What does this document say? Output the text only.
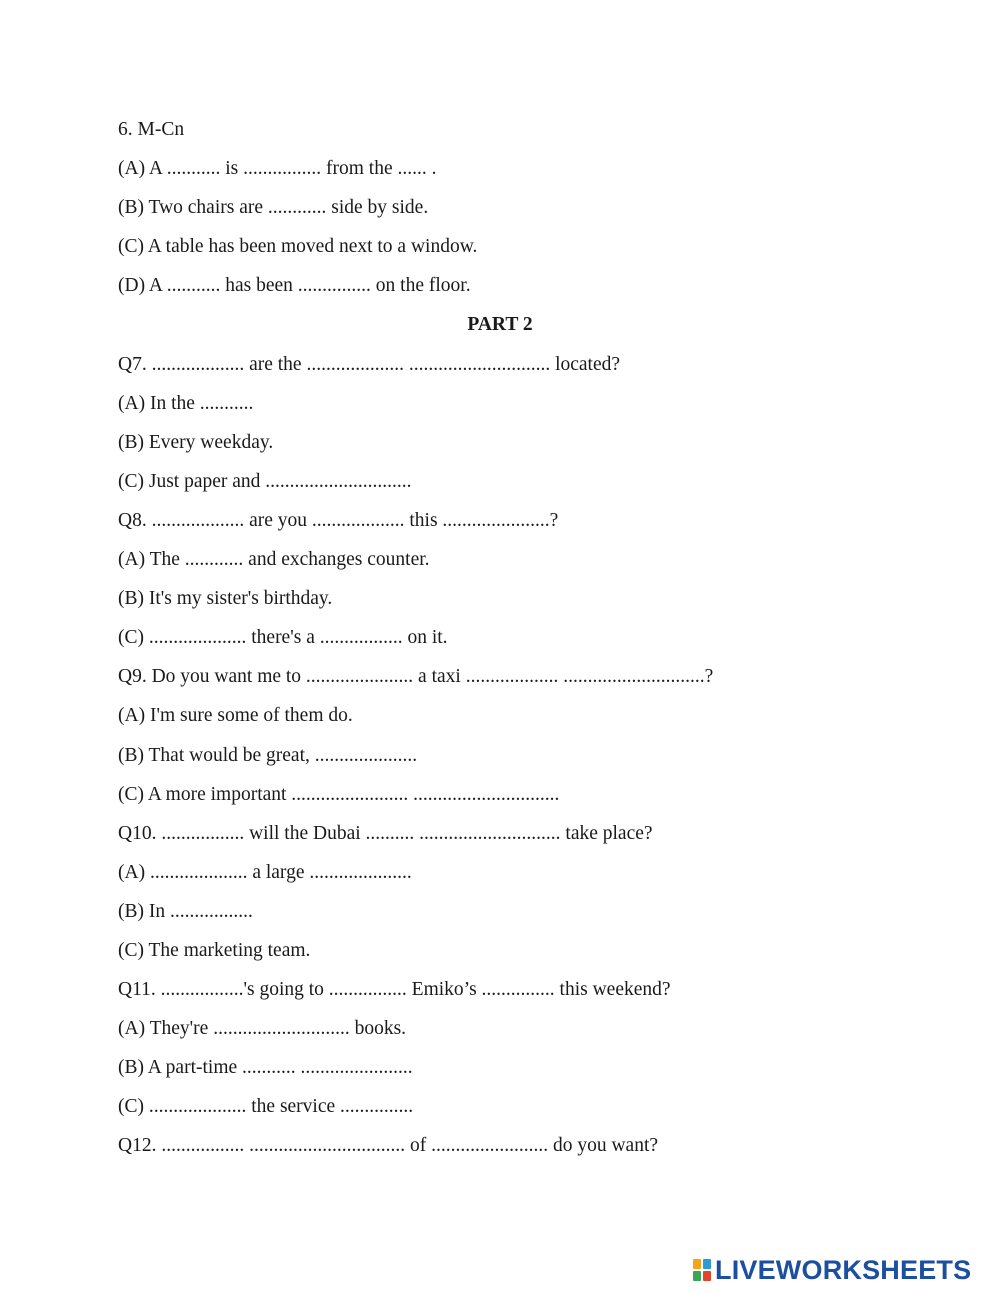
6. M-Cn
(A) A ........... is ................ from the ...... .
(B) Two chairs are ............ side by side.
(C) A table has been moved next to a window.
(D) A ........... has been ............... on the floor.
PART 2
Q7. ................... are the .................... ............................. located?
(A) In the ...........
(B) Every weekday.
(C) Just paper and ..............................
Q8. ................... are you ................... this ......................?
(A) The ............ and exchanges counter.
(B) It's my sister's birthday.
(C) .................... there's a ................. on it.
Q9. Do you want me to ...................... a taxi ................... .............................?
(A) I'm sure some of them do.
(B) That would be great, .....................
(C) A more important ........................ ..............................
Q10. ................. will the Dubai .......... ............................. take place?
(A) .................... a large .....................
(B) In .................
(C) The marketing team.
Q11. .................'s going to ................ Emiko’s ............... this weekend?
(A) They're ............................ books.
(B) A part-time ........... .......................
(C) .................... the service ...............
Q12. ................. ................................ of ........................ do you want?
LIVEWORKSHEETS
